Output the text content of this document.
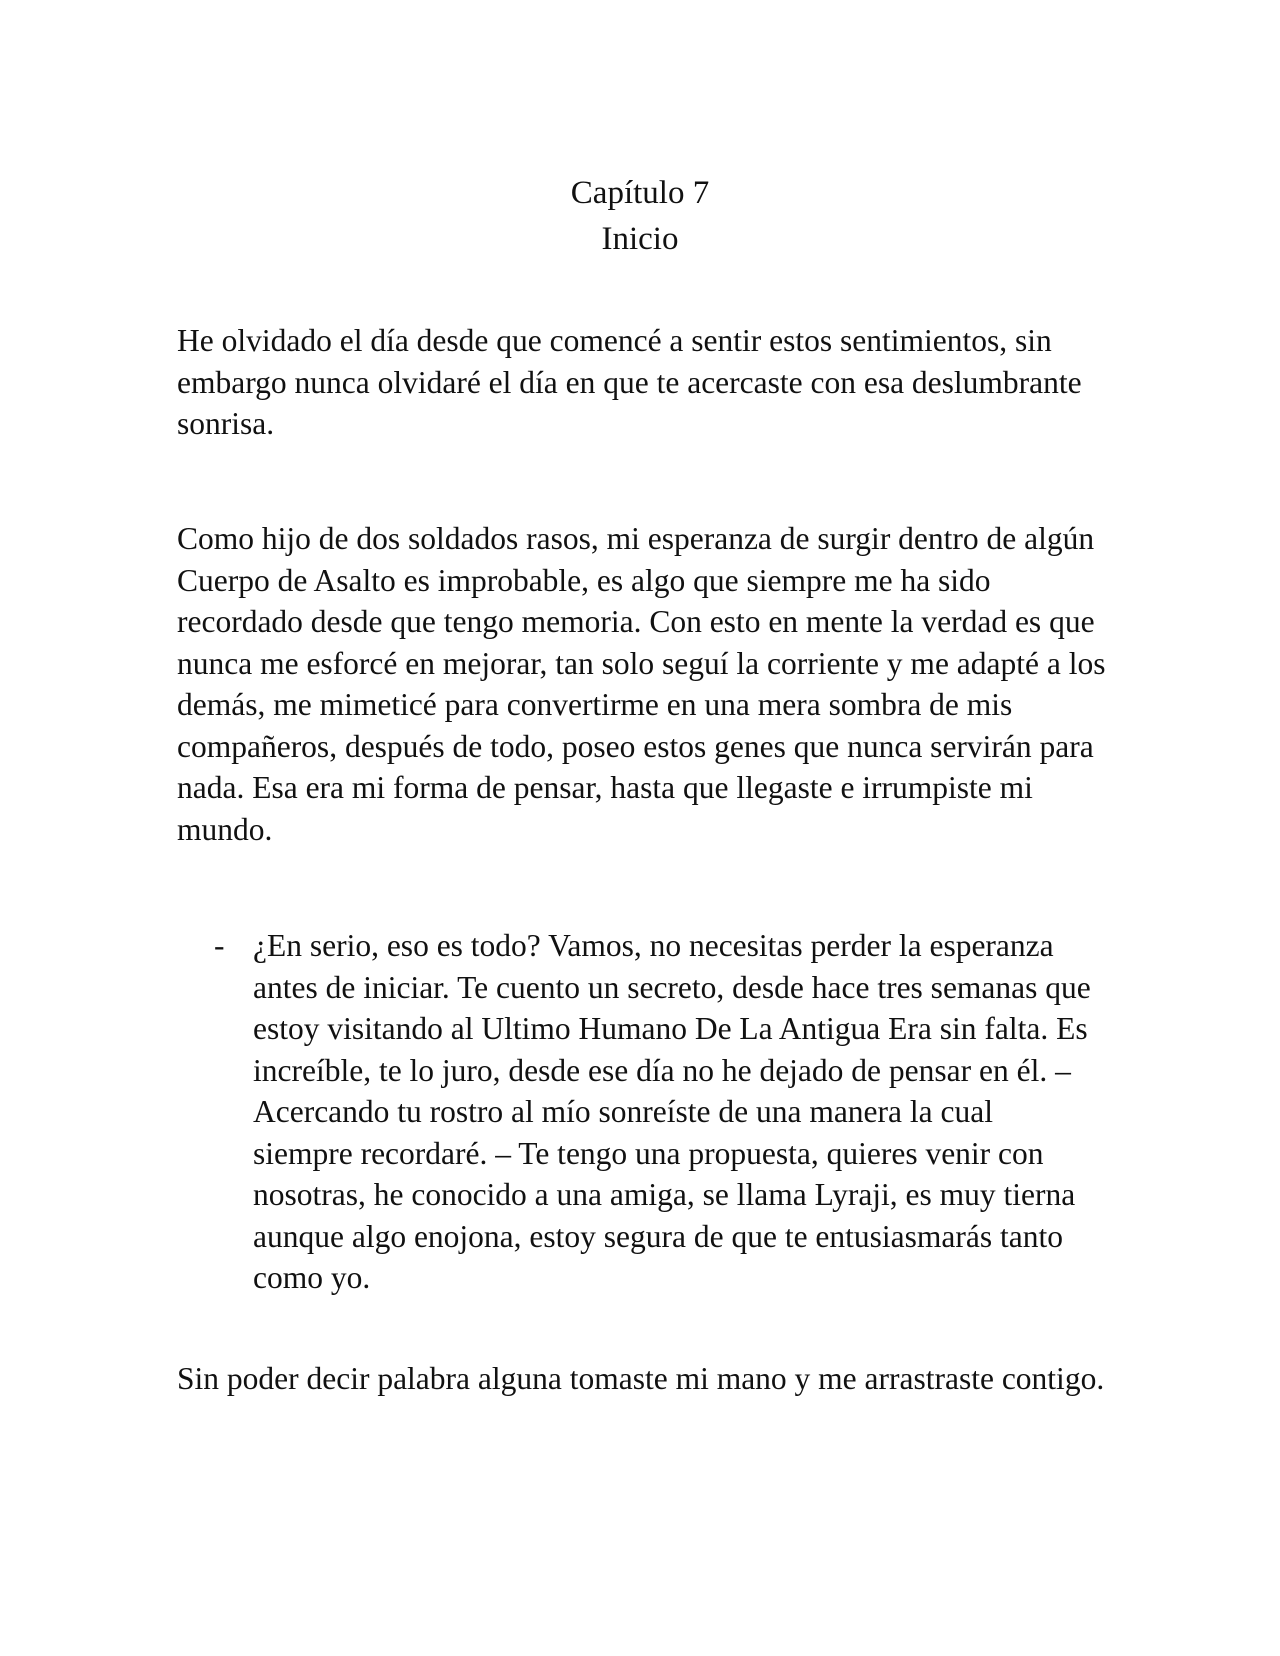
Capítulo 7
Inicio

He olvidado el día desde que comencé a sentir estos sentimientos, sin embargo nunca olvidaré el día en que te acercaste con esa deslumbrante sonrisa.

Como hijo de dos soldados rasos, mi esperanza de surgir dentro de algún Cuerpo de Asalto es improbable, es algo que siempre me ha sido recordado desde que tengo memoria. Con esto en mente la verdad es que nunca me esforcé en mejorar, tan solo seguí la corriente y me adapté a los demás, me mimeticé para convertirme en una mera sombra de mis compañeros, después de todo, poseo estos genes que nunca servirán para nada. Esa era mi forma de pensar, hasta que llegaste e irrumpiste mi mundo.

- ¿En serio, eso es todo? Vamos, no necesitas perder la esperanza antes de iniciar. Te cuento un secreto, desde hace tres semanas que estoy visitando al Ultimo Humano De La Antigua Era sin falta. Es increíble, te lo juro, desde ese día no he dejado de pensar en él. – Acercando tu rostro al mío sonreíste de una manera la cual siempre recordaré. – Te tengo una propuesta, quieres venir con nosotras, he conocido a una amiga, se llama Lyraji, es muy tierna aunque algo enojona, estoy segura de que te entusiasmarás tanto como yo.

Sin poder decir palabra alguna tomaste mi mano y me arrastraste contigo.
